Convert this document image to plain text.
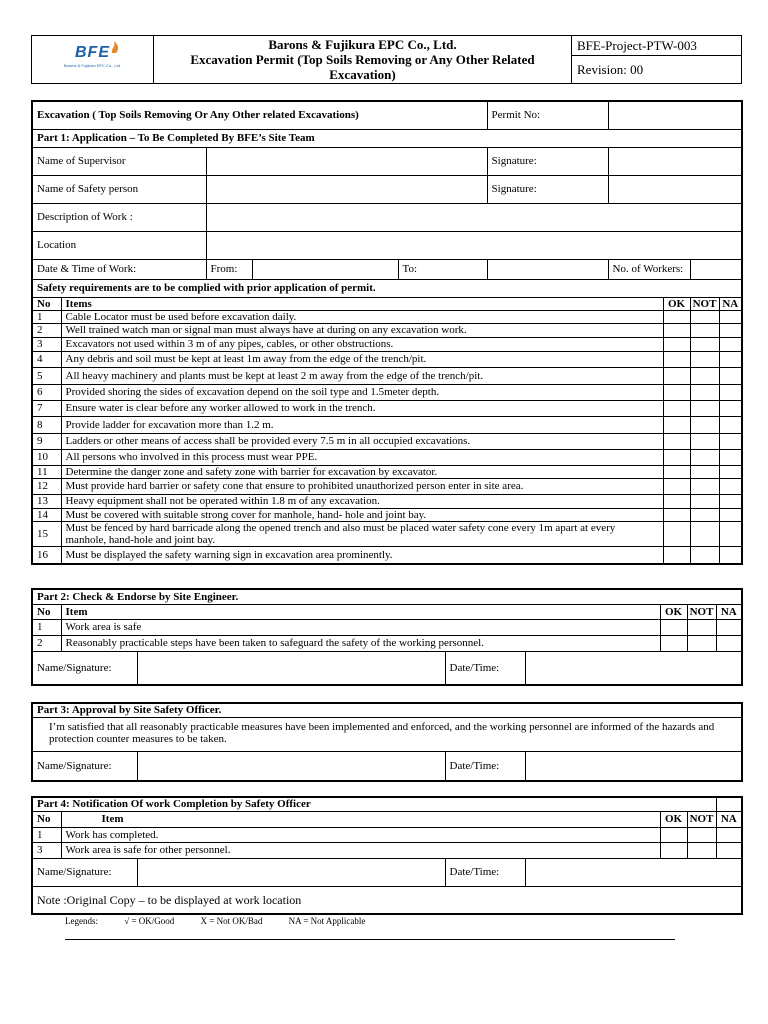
BFE
Barons & Fujikura EPC Co., Ltd.

Barons & Fujikura EPC Co., Ltd.
Excavation Permit (Top Soils Removing or Any Other Related Excavation)
	BFE-Project-PTW-003
Revision: 00
Excavation ( Top Soils Removing Or Any Other related Excavations)					Permit No:				
Part 1: Application – To Be Completed By BFE’s Site Team									
Name of Supervisor					Signature:				
Name of Safety person					Signature:				
Description of Work :									
Location									
Date & Time of Work:		From:		To:		No. of Workers:			
Safety requirements are to be complied with prior application of permit.									
No	Items						OK	NOT	NA
1	Cable Locator must be used before excavation daily.								
2	Well trained watch man or signal man must always have at during on any excavation work.								
3	Excavators not used within 3 m of any pipes, cables, or other obstructions.								
4	Any debris and soil must be kept at least 1m away from the edge of the trench/pit.								
5	All heavy machinery and plants must be kept at least 2 m away from the edge of the trench/pit.								
6	Provided shoring the sides of excavation depend on the soil type and 1.5meter depth.								
7	Ensure water is clear before any worker allowed to work in the trench.								
8	Provide ladder for excavation more than 1.2 m.								
9	Ladders or other means of access shall be provided every 7.5 m in all occupied excavations.								
10	All persons who involved in this process must wear PPE.								
11	Determine the danger zone and safety zone with barrier for excavation by excavator.								
12	Must provide hard barrier or safety cone that ensure to prohibited unauthorized person enter in site area.								
13	Heavy equipment shall not be operated within 1.8 m of any excavation.								
14	Must be covered with suitable strong cover for manhole, hand- hole and joint bay.								
15	Must be fenced by hard barricade along the opened trench and also must be placed water safety cone every 1m apart at every manhole, hand-hole and joint bay.								
16	Must be displayed the safety warning sign in excavation area prominently.								
Part 2: Check & Endorse by Site Engineer.							
No	Item				OK	NOT	NA
1	Work area is safe						
2	Reasonably practicable steps have been taken to safeguard the safety of the working personnel.						
Name/Signature:			Date/Time:				
Part 3: Approval by Site Safety Officer.
I’m satisfied that all reasonably practicable measures have been implemented and enforced, and the working personnel are informed of the hazards and protection counter measures to be taken.
Name/Signature:		Date/Time:	
Part 4: Notification Of work Completion by Safety Officer							
No	Item				OK	NOT	NA
1	Work has completed.						
3	Work area is safe for other personnel.						
Name/Signature:			Date/Time:				
Note :Original Copy – to be displayed at work location							
Legends:	√ = OK/Good	X = Not OK/Bad	NA = Not Applicable
